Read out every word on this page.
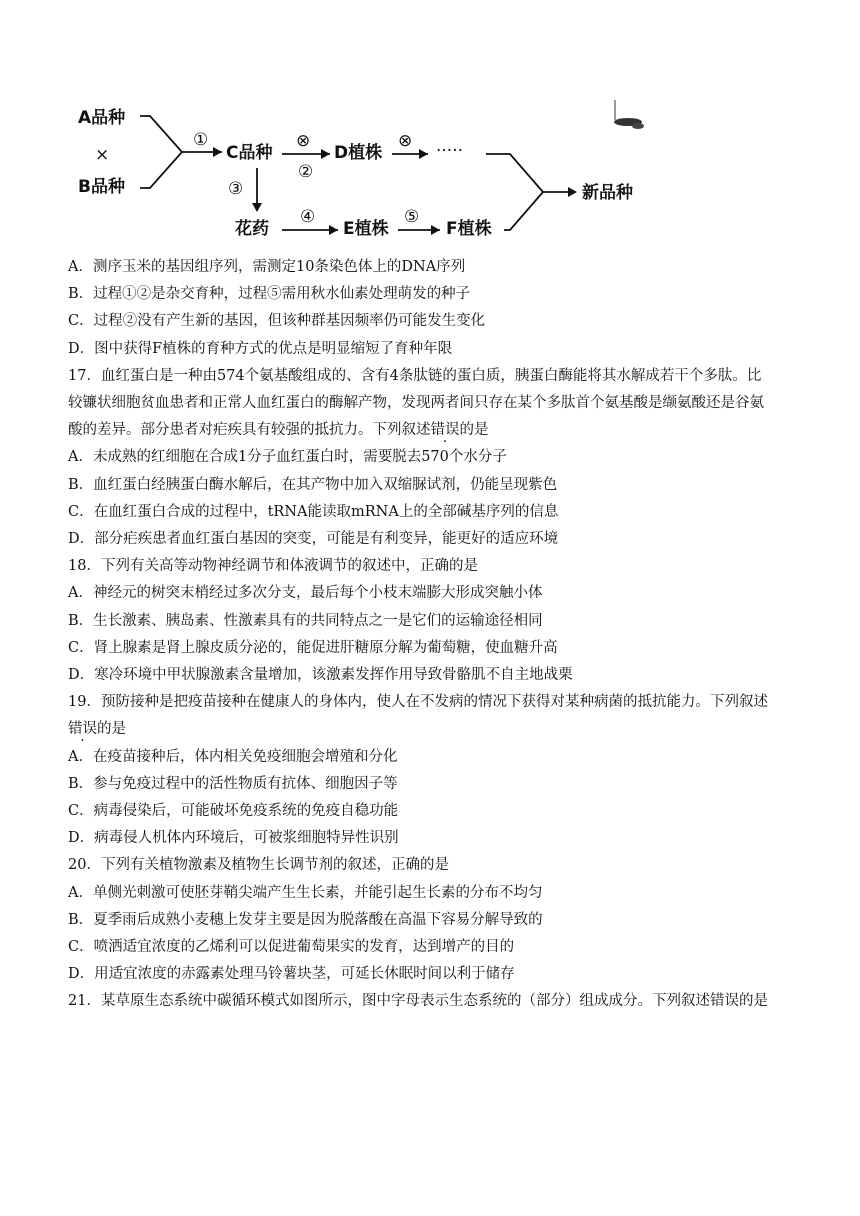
A品种
×
B品种
①
C品种
⊗
②
D植株
⊗ ·····
③
花药
④
E植株
⑤
F植株
新品种
A．测序玉米的基因组序列，需测定10条染色体上的DNA序列
B．过程①②是杂交育种，过程⑤需用秋水仙素处理萌发的种子
C．过程②没有产生新的基因，但该种群基因频率仍可能发生变化
D．图中获得F植株的育种方式的优点是明显缩短了育种年限
17．血红蛋白是一种由574个氨基酸组成的、含有4条肽链的蛋白质，胰蛋白酶能将其水解成若干个多肽。比
较镰状细胞贫血患者和正常人血红蛋白的酶解产物，发现两者间只存在某个多肽首个氨基酸是缬氨酸还是谷氨
酸的差异。部分患者对疟疾具有较强的抵抗力。下列叙述错误的是
A．未成熟的红细胞在合成1分子血红蛋白时，需要脱去570个水分子
B．血红蛋白经胰蛋白酶水解后，在其产物中加入双缩脲试剂，仍能呈现紫色
C．在血红蛋白合成的过程中，tRNA能读取mRNA上的全部碱基序列的信息
D．部分疟疾患者血红蛋白基因的突变，可能是有利变异，能更好的适应环境
18．下列有关高等动物神经调节和体液调节的叙述中，正确的是
A．神经元的树突末梢经过多次分支，最后每个小枝末端膨大形成突触小体
B．生长激素、胰岛素、性激素具有的共同特点之一是它们的运输途径相同
C．肾上腺素是肾上腺皮质分泌的，能促进肝糖原分解为葡萄糖，使血糖升高
D．寒冷环境中甲状腺激素含量增加，该激素发挥作用导致骨骼肌不自主地战栗
19．预防接种是把疫苗接种在健康人的身体内，使人在不发病的情况下获得对某种病菌的抵抗能力。下列叙述
错误的是
A．在疫苗接种后，体内相关免疫细胞会增殖和分化
B．参与免疫过程中的活性物质有抗体、细胞因子等
C．病毒侵染后，可能破坏免疫系统的免疫自稳功能
D．病毒侵人机体内环境后，可被浆细胞特异性识别
20．下列有关植物激素及植物生长调节剂的叙述，正确的是
A．单侧光刺激可使胚芽鞘尖端产生生长素，并能引起生长素的分布不均匀
B．夏季雨后成熟小麦穗上发芽主要是因为脱落酸在高温下容易分解导致的
C．喷洒适宜浓度的乙烯利可以促进葡萄果实的发育，达到增产的目的
D．用适宜浓度的赤露素处理马铃薯块茎，可延长休眠时间以利于储存
21．某草原生态系统中碳循环模式如图所示，图中字母表示生态系统的（部分）组成成分。下列叙述错误的是
